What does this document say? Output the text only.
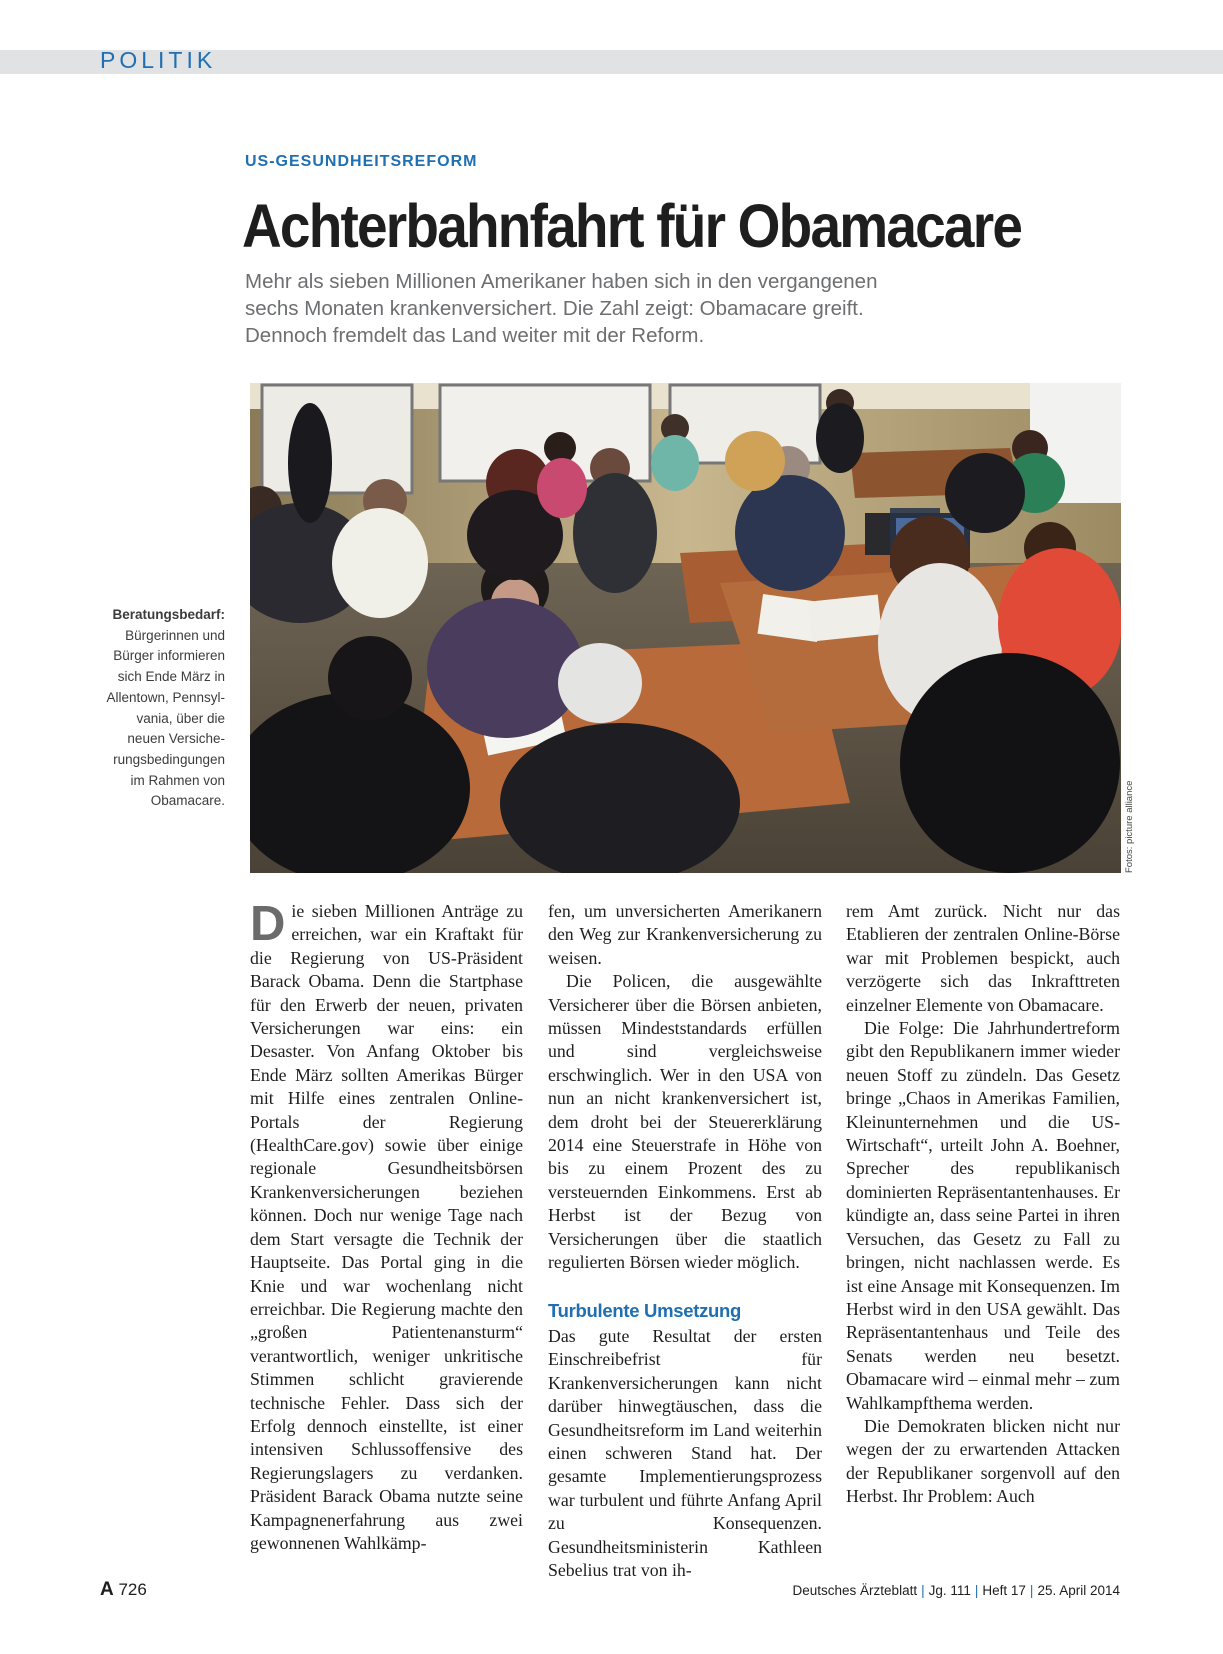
POLITIK
US-GESUNDHEITSREFORM
Achterbahnfahrt für Obamacare
Mehr als sieben Millionen Amerikaner haben sich in den vergangenen
sechs Monaten krankenversichert. Die Zahl zeigt: Obamacare greift.
Dennoch fremdelt das Land weiter mit der Reform.
Fotos: picture alliance
Beratungsbedarf:
Bürgerinnen und
Bürger informieren
sich Ende März in
Allentown, Pennsyl-
vania, über die
neuen Versiche-
rungsbedingungen
im Rahmen von
Obamacare.
D ie sieben Millionen Anträge zu erreichen, war ein Kraftakt für die Regierung von US-Präsident Barack Obama. Denn die Startphase für den Erwerb der neuen, privaten Versicherungen war eins: ein Desaster. Von Anfang Oktober bis Ende März sollten Amerikas Bürger mit Hilfe eines zentralen Online-Portals der Regierung (HealthCare.gov) sowie über einige regionale Gesundheitsbörsen Krankenversicherungen beziehen können. Doch nur wenige Tage nach dem Start versagte die Technik der Hauptseite. Das Portal ging in die Knie und war wochenlang nicht erreichbar. Die Regierung machte den „großen Patientenansturm“ verantwortlich, weniger unkritische Stimmen schlicht gravierende technische Fehler. Dass sich der Erfolg dennoch einstellte, ist einer intensiven Schlussoffensive des Regierungslagers zu verdanken. Präsident Barack Obama nutzte seine Kampagnenerfahrung aus zwei gewonnenen Wahlkämp-

fen, um unversicherten Amerikanern den Weg zur Krankenversicherung zu weisen.

Die Policen, die ausgewählte Versicherer über die Börsen anbieten, müssen Mindeststandards erfüllen und sind vergleichsweise erschwinglich. Wer in den USA von nun an nicht krankenversichert ist, dem droht bei der Steuererklärung 2014 eine Steuerstrafe in Höhe von bis zu einem Prozent des zu versteuernden Einkommens. Erst ab Herbst ist der Bezug von Versicherungen über die staatlich regulierten Börsen wieder möglich.

Turbulente Umsetzung

Das gute Resultat der ersten Einschreibefrist für Krankenversicherungen kann nicht darüber hinwegtäuschen, dass die Gesundheitsreform im Land weiterhin einen schweren Stand hat. Der gesamte Implementierungsprozess war turbulent und führte Anfang April zu Konsequenzen. Gesundheitsministerin Kathleen Sebelius trat von ih-

rem Amt zurück. Nicht nur das Etablieren der zentralen Online-Börse war mit Problemen bespickt, auch verzögerte sich das Inkrafttreten einzelner Elemente von Obamacare.

Die Folge: Die Jahrhundertreform gibt den Republikanern immer wieder neuen Stoff zu zündeln. Das Gesetz bringe „Chaos in Amerikas Familien, Kleinunternehmen und die US-Wirtschaft“, urteilt John A. Boehner, Sprecher des republikanisch dominierten Repräsentantenhauses. Er kündigte an, dass seine Partei in ihren Versuchen, das Gesetz zu Fall zu bringen, nicht nachlassen werde. Es ist eine Ansage mit Konsequenzen. Im Herbst wird in den USA gewählt. Das Repräsentantenhaus und Teile des Senats werden neu besetzt. Obamacare wird – einmal mehr – zum Wahlkampfthema werden.

Die Demokraten blicken nicht nur wegen der zu erwartenden Attacken der Republikaner sorgenvoll auf den Herbst. Ihr Problem: Auch

A 726	Deutsches Ärzteblatt | Jg. 111 | Heft 17 | 25. April 2014
